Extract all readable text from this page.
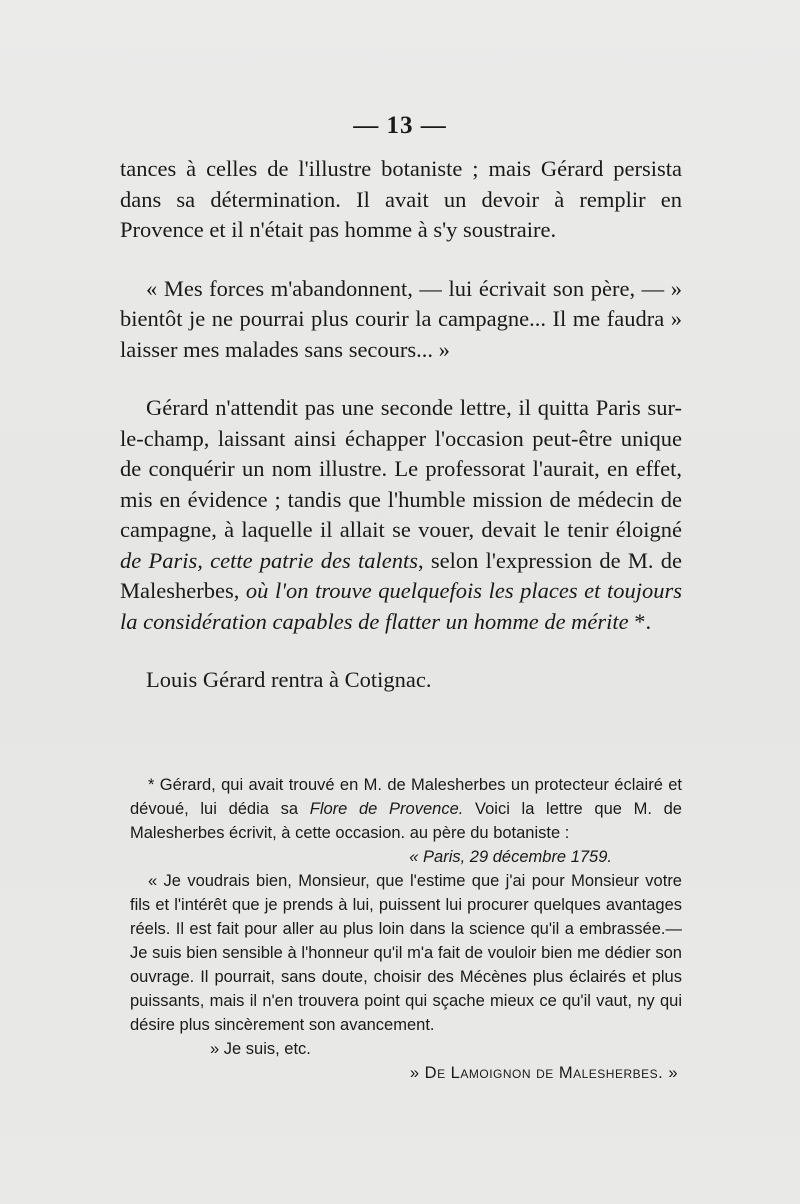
— 13 —

tances à celles de l'illustre botaniste ; mais Gérard persista dans sa détermination. Il avait un devoir à remplir en Provence et il n'était pas homme à s'y soustraire.

« Mes forces m'abandonnent, — lui écrivait son père, — » bientôt je ne pourrai plus courir la campagne... Il me faudra » laisser mes malades sans secours... »

Gérard n'attendit pas une seconde lettre, il quitta Paris sur-le-champ, laissant ainsi échapper l'occasion peut-être unique de conquérir un nom illustre. Le professorat l'aurait, en effet, mis en évidence ; tandis que l'humble mission de médecin de campagne, à laquelle il allait se vouer, devait le tenir éloigné de Paris, cette patrie des talents, selon l'expression de M. de Malesherbes, où l'on trouve quelquefois les places et toujours la considération capables de flatter un homme de mérite *.

Louis Gérard rentra à Cotignac.

* Gérard, qui avait trouvé en M. de Malesherbes un protecteur éclairé et dévoué, lui dédia sa Flore de Provence. Voici la lettre que M. de Malesherbes écrivit, à cette occasion. au père du botaniste :

« Paris, 29 décembre 1759.

« Je voudrais bien, Monsieur, que l'estime que j'ai pour Monsieur votre fils et l'intérêt que je prends à lui, puissent lui procurer quelques avantages réels. Il est fait pour aller au plus loin dans la science qu'il a embrassée.—Je suis bien sensible à l'honneur qu'il m'a fait de vouloir bien me dédier son ouvrage. Il pourrait, sans doute, choisir des Mécènes plus éclairés et plus puissants, mais il n'en trouvera point qui sçache mieux ce qu'il vaut, ny qui désire plus sincèrement son avancement.

» Je suis, etc.

» De Lamoignon de Malesherbes. »
